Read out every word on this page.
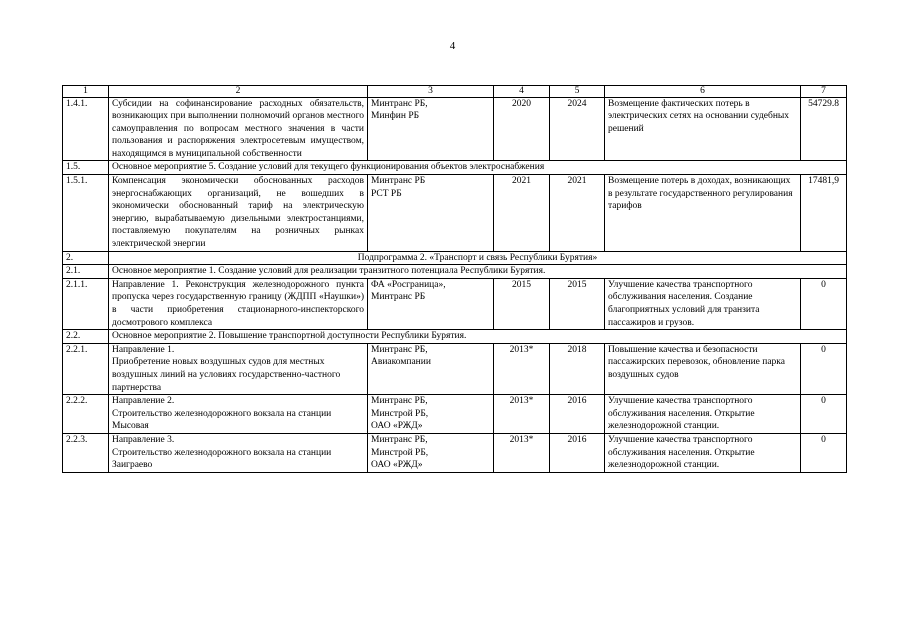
4
1	2	3	4	5	6	7
1.4.1.	Субсидии на софинансирование расходных обязательств, возникающих при выполнении полномочий органов местного самоуправления по вопросам местного значения в части пользования и распоряжения электросетевым имуществом, находящимся в муниципальной собственности	Минтранс РБ,
Минфин РБ	2020	2024	Возмещение фактических потерь в электрических сетях на основании судебных решений	54729.8
1.5.	Основное мероприятие 5. Создание условий для текущего функционирования объектов электроснабжения					
1.5.1.	Компенсация экономически обоснованных расходов энергоснабжающих организаций, не вошедших в экономически обоснованный тариф на электрическую энергию, вырабатываемую дизельными электростанциями, поставляемую покупателям на розничных рынках электрической энергии	Минтранс РБ
РСТ РБ	2021	2021	Возмещение потерь в доходах, возникающих в результате государственного регулирования тарифов	17481,9
2.	Подпрограмма 2. «Транспорт и связь Республики Бурятия»					
2.1.	Основное мероприятие 1. Создание условий для реализации транзитного потенциала Республики Бурятия.					
2.1.1.	Направление 1. Реконструкция железнодорожного пункта пропуска через государственную границу (ЖДПП «Наушки») в части приобретения стационарного-инспекторского досмотрового комплекса	ФА «Росграница»,
Минтранс РБ	2015	2015	Улучшение качества транспортного обслуживания населения. Создание благоприятных условий для транзита пассажиров и грузов.	0
2.2.	Основное мероприятие 2. Повышение транспортной доступности Республики Бурятия.					
2.2.1.	Направление 1.
Приобретение новых воздушных судов для местных воздушных линий на условиях государственно-частного партнерства	Минтранс РБ,
Авиакомпании	2013*	2018	Повышение качества и безопасности пассажирских перевозок, обновление парка воздушных судов	0
2.2.2.	Направление 2.
Строительство железнодорожного вокзала на станции Мысовая	Минтранс РБ,
Минстрой РБ,
ОАО «РЖД»	2013*	2016	Улучшение качества транспортного обслуживания населения. Открытие железнодорожной станции.	0
2.2.3.	Направление 3.
Строительство железнодорожного вокзала на станции Заиграево	Минтранс РБ,
Минстрой РБ,
ОАО «РЖД»	2013*	2016	Улучшение качества транспортного обслуживания населения. Открытие железнодорожной станции.	0
